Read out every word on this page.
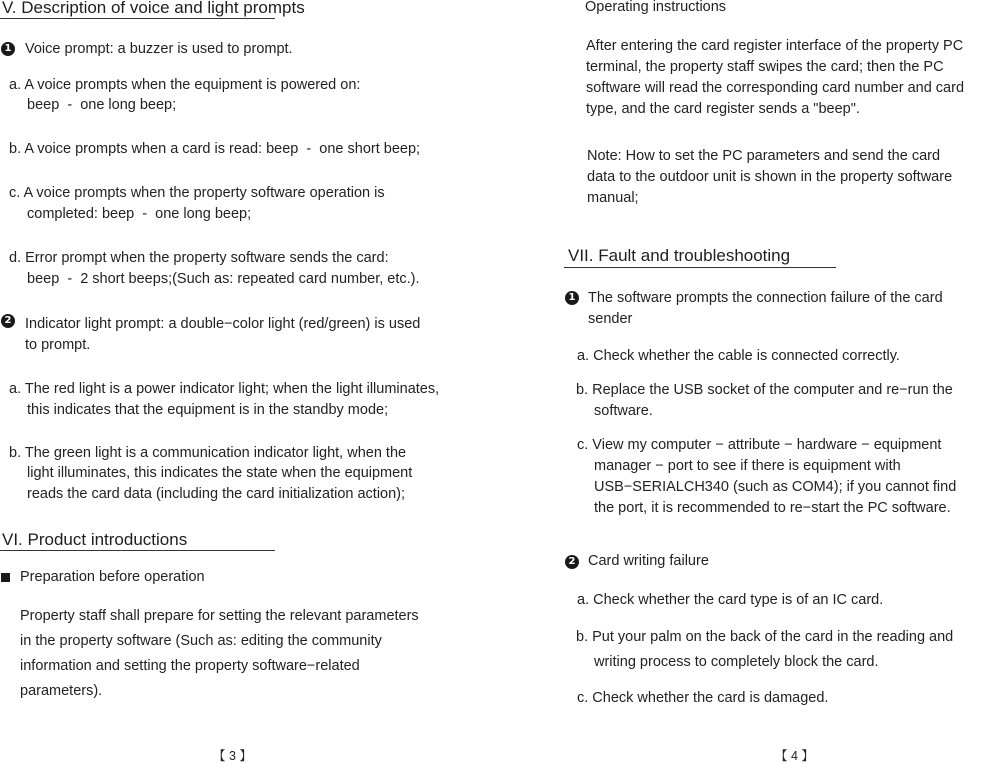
V. Description of voice and light prompts
1 Voice prompt: a buzzer is used to prompt.
a. A voice prompts when the equipment is powered on:
beep  -  one long beep;
b. A voice prompts when a card is read: beep  -  one short beep;
c. A voice prompts when the property software operation is
completed: beep  -  one long beep;
d. Error prompt when the property software sends the card:
beep  -  2 short beeps;(Such as: repeated card number, etc.).
2 Indicator light prompt: a double−color light (red/green) is used
to prompt.
a. The red light is a power indicator light; when the light illuminates,
this indicates that the equipment is in the standby mode;
b. The green light is a communication indicator light, when the
light illuminates, this indicates the state when the equipment
reads the card data (including the card initialization action);
VI. Product introductions
Preparation before operation
Property staff shall prepare for setting the relevant parameters
in the property software (Such as: editing the community
information and setting the property software−related
parameters).
【 3 】
Operating instructions
After entering the card register interface of the property PC
terminal, the property staff swipes the card; then the PC
software will read the corresponding card number and card
type, and the card register sends a "beep".
Note: How to set the PC parameters and send the card
data to the outdoor unit is shown in the property software
manual;
VII. Fault and troubleshooting
1 The software prompts the connection failure of the card
sender
a. Check whether the cable is connected correctly.
b. Replace the USB socket of the computer and re−run the
software.
c. View my computer − attribute − hardware − equipment
manager − port to see if there is equipment with
USB−SERIALCH340 (such as COM4); if you cannot find
the port, it is recommended to re−start the PC software.
2 Card writing failure
a. Check whether the card type is of an IC card.
b. Put your palm on the back of the card in the reading and
writing process to completely block the card.
c. Check whether the card is damaged.
【 4 】
